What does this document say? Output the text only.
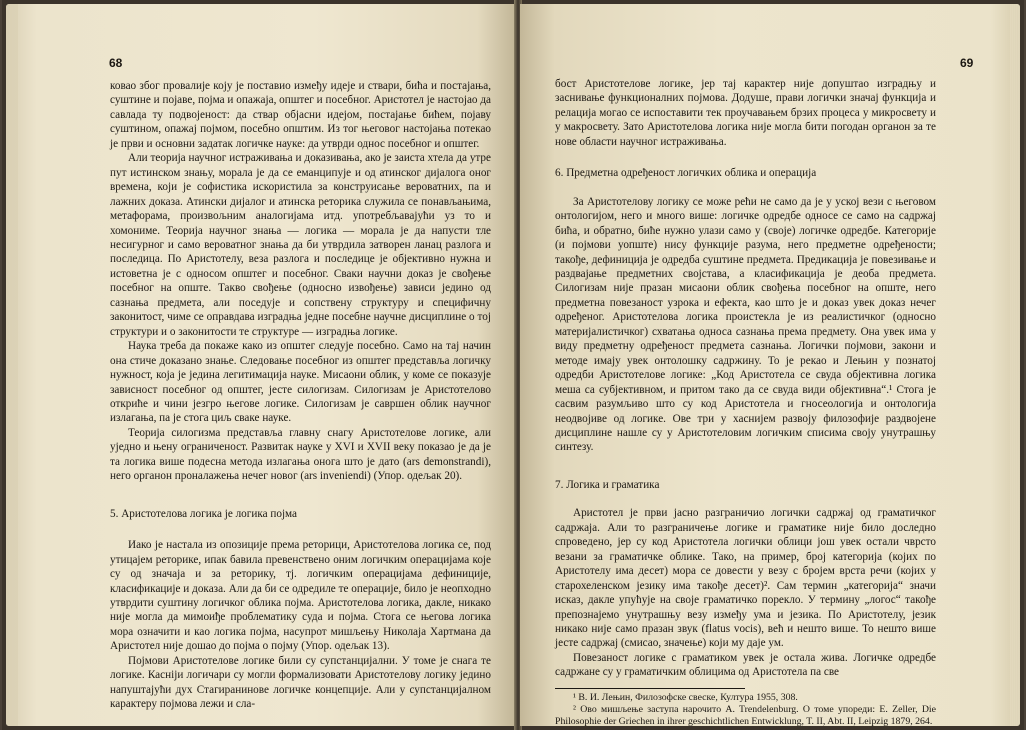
68

ковао због провалије коју је поставио између идеје и ствари, бића и постајања, суштине и појаве, појма и опажаја, општег и посебног. Аристотел је настојао да савлада ту подвојеност: да ствар објасни идејом, постајање бићем, појаву суштином, опажај појмом, посебно општим. Из тог његовог настојања потекао је први и основни задатак логичке науке: да утврди однос посебног и општег.

Али теорија научног истраживања и доказивања, ако је заиста хтела да утре пут истинском знању, морала је да се еманципује и од атинског дијалога оног времена, који је софистика искористила за конструисање вероватних, па и лажних доказа. Атински дијалог и атинска реторика служила се понављањима, метафорама, произвољним аналогијама итд. употребљавајући уз то и хомониме. Теорија научног знања — логика — морала је да напусти тле несигурног и само вероватног знања да би утврдила затворен ланац разлога и последица. По Аристотелу, веза разлога и последице је објективно нужна и истоветна је с односом општег и посебног. Сваки научни доказ је свођење посебног на опште. Такво свођење (односно извођење) зависи једино од сазнања предмета, али поседује и сопствену структуру и специфичну законитост, чиме се оправдава изградња једне посебне научне дисциплине о тој структури и о законитости те структуре — изградња логике.

Наука треба да покаже како из општег следује посебно. Само на тај начин она стиче доказано знање. Следовање посебног из општег представља логичку нужност, која је једина легитимација науке. Мисаони облик, у коме се показује зависност посебног од општег, јесте силогизам. Силогизам је Аристотелово откриће и чини језгро његове логике. Силогизам је савршен облик научног излагања, па је стога циљ сваке науке.

Теорија силогизма представља главну снагу Аристотелове логике, али уједно и њену ограниченост. Развитак науке у XVI и XVII веку показао је да је та логика више подесна метода излагања онога што је дато (ars demonstrandi), него органон проналажења нечег новог (ars inveniendi) (Упор. одељак 20).

5. Аристотелова логика је логика појма

Иако је настала из опозиције према реторици, Аристотелова логика се, под утицајем реторике, ипак бавила превенствено оним логичким операцијама које су од значаја и за реторику, тј. логичким операцијама дефиниције, класификације и доказа. Али да би се одредиле те операције, било је неопходно утврдити суштину логичког облика појма. Аристотелова логика, дакле, никако није могла да мимоиђе проблематику суда и појма. Стога се његова логика мора означити и као логика појма, насупрот мишљењу Николаја Хартмана да Аристотел није дошао до појма о појму (Упор. одељак 13).

Појмови Аристотелове логике били су супстанцијални. У томе је снага те логике. Касніји логичари су могли формализовати Аристотелову логику једино напуштајући дух Стагиранинове логичке концепције. Али у супстанцијалном карактеру појмова лежи и сла-

69

бост Аристотелове логике, јер тај карактер није допуштао изградњу и заснивање функционалних појмова. Додуше, прави логички значај функција и релација могао се испоставити тек проучавањем брзих процеса у микросвету и у макросвету. Зато Аристотелова логика није могла бити погодан органон за те нове области научног истраживања.

6. Предметна одређеност логичких облика и операција

За Аристотелову логику се може рећи не само да је у ускоj вези с његовом онтологијом, него и много више: логичке одредбе односе се само на садржај бића, и обратно, биће нужно улази само у (своје) логичке одредбе. Категорије (и појмови уопште) нису функције разума, него предметне одређености; такође, дефиниција је одредба суштине предмета. Предикација је повезивање и раздвајање предметних својстава, а класификација је деоба предмета. Силогизам није празан мисаони облик свођења посебног на опште, него предметна повезаност узрока и ефекта, као што је и доказ увек доказ нечег одређеног. Аристотелова логика проистекла је из реалистичког (односно материјалистичког) схватања односа сазнања према предмету. Она увек има у виду предметну одређеност предмета сазнања. Логички појмови, закони и методе имају увек онтолошку садржину. То је рекао и Лењин у познатој одредби Аристотелове логике: „Код Аристотела се свуда објективна логика меша са субјективном, и притом тако да се свуда види објективна“.¹ Стога је сасвим разумљиво што су код Аристотела и гносеологија и онтологија неодвојиве од логике. Ове три у хаснијем развоју филозофије раздвојене дисциплине нашле су у Аристотеловим логичким списима своју унутрашњу синтезу.

7. Логика и граматика

Аристотел је први јасно разграничио логички садржај од граматичког садржаја. Али то разграничење логике и граматике није било доследно спроведено, јер су код Аристотела логички облици још увек остали чврсто везани за граматичке облике. Тако, на пример, број категорија (којих по Аристотелу има десет) мора се довести у везу с бројем врста речи (којих у старохеленском језику има такође десет)². Сам термин „категорија“ значи исказ, дакле упућује на своје граматичко порекло. У термину „логос“ такође препознајемо унутрашњу везу између ума и језика. По Аристотелу, језик никако није само празан звук (flatus vocis), већ и нешто више. То нешто више јесте садржај (смисао, значење) који му даје ум.

Повезаност логике с граматиком увек је остала жива. Логичке одредбе садржане су у граматичким облицима од Аристотела па све

¹ В. И. Лењин, Филозофске свеске, Култура 1955, 308.

² Ово мишљење заступа нарочито A. Trendelenburg. О томе упореди: E. Zeller, Die Philosophie der Griechen in ihrer geschichtlichen Entwicklung, T. II, Abt. II, Leipzig 1879, 264.
